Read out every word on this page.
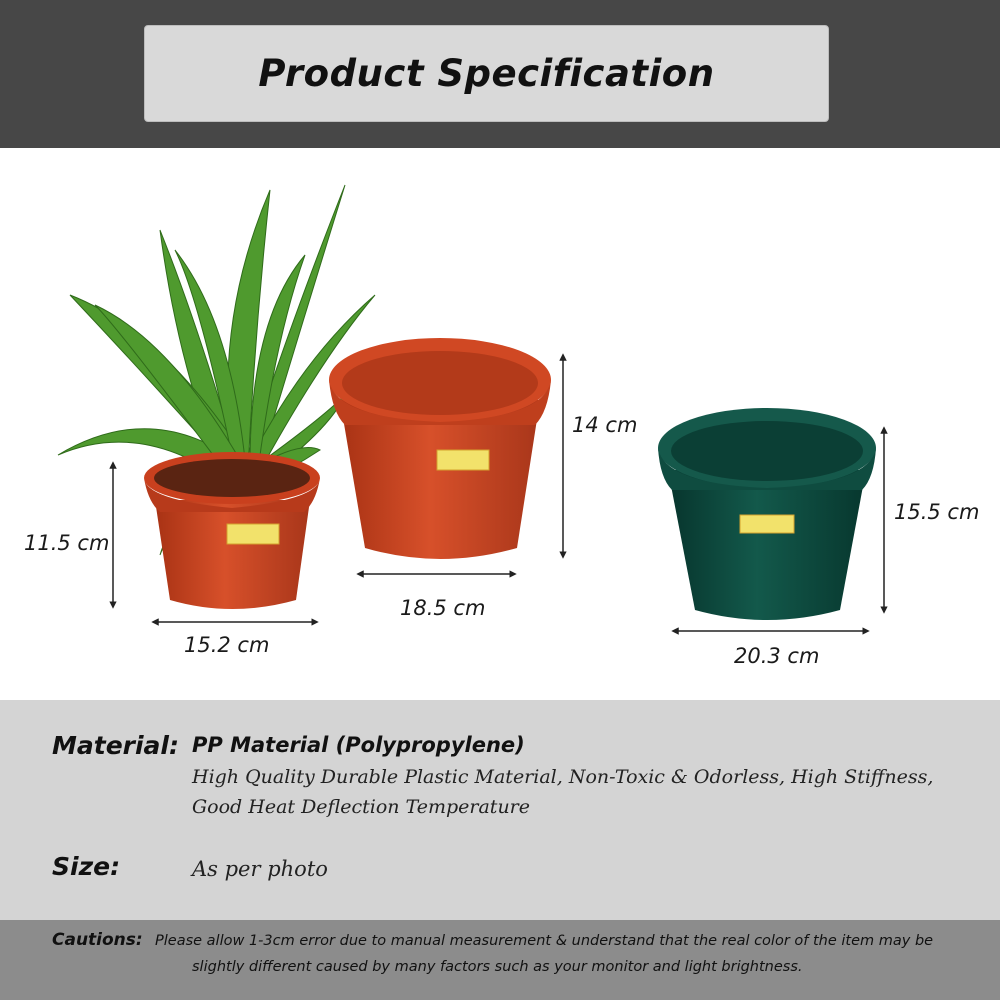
Product Specification
11.5 cm
15.2 cm
14 cm
18.5 cm
15.5 cm
20.3 cm
Material: PP Material (Polypropylene)
High Quality Durable Plastic Material, Non-Toxic & Odorless, High Stiffness,
Good Heat Deflection Temperature
Size:	As per photo
Cautions: Please allow 1-3cm error due to manual measurement & understand that the real color of the item may be
slightly different caused by many factors such as your monitor and light brightness.
